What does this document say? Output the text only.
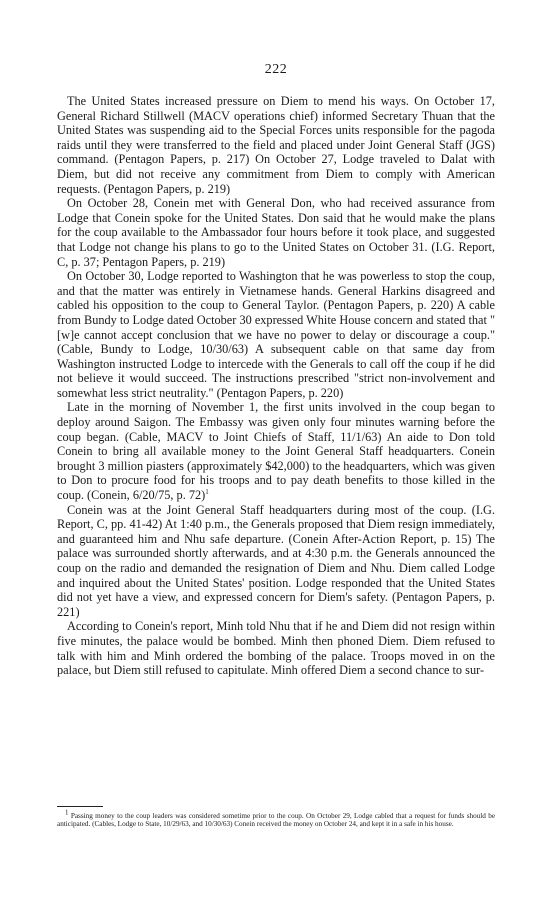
222

The United States increased pressure on Diem to mend his ways. On October 17, General Richard Stillwell (MACV operations chief) informed Secretary Thuan that the United States was suspending aid to the Special Forces units responsible for the pagoda raids until they were transferred to the field and placed under Joint General Staff (JGS) command. (Pentagon Papers, p. 217) On October 27, Lodge traveled to Dalat with Diem, but did not receive any commitment from Diem to comply with American requests. (Pentagon Papers, p. 219)

On October 28, Conein met with General Don, who had received assurance from Lodge that Conein spoke for the United States. Don said that he would make the plans for the coup available to the Ambassador four hours before it took place, and suggested that Lodge not change his plans to go to the United States on October 31. (I.G. Report, C, p. 37; Pentagon Papers, p. 219)

On October 30, Lodge reported to Washington that he was powerless to stop the coup, and that the matter was entirely in Vietnamese hands. General Harkins disagreed and cabled his opposition to the coup to General Taylor. (Pentagon Papers, p. 220) A cable from Bundy to Lodge dated October 30 expressed White House concern and stated that "[w]e cannot accept conclusion that we have no power to delay or discourage a coup." (Cable, Bundy to Lodge, 10/30/63) A subsequent cable on that same day from Washington instructed Lodge to intercede with the Generals to call off the coup if he did not believe it would succeed. The instructions prescribed "strict non-involvement and somewhat less strict neutrality." (Pentagon Papers, p. 220)

Late in the morning of November 1, the first units involved in the coup began to deploy around Saigon. The Embassy was given only four minutes warning before the coup began. (Cable, MACV to Joint Chiefs of Staff, 11/1/63) An aide to Don told Conein to bring all available money to the Joint General Staff headquarters. Conein brought 3 million piasters (approximately $42,000) to the headquarters, which was given to Don to procure food for his troops and to pay death benefits to those killed in the coup. (Conein, 6/20/75, p. 72)$^1$

Conein was at the Joint General Staff headquarters during most of the coup. (I.G. Report, C, pp. 41-42) At 1:40 p.m., the Generals proposed that Diem resign immediately, and guaranteed him and Nhu safe departure. (Conein After-Action Report, p. 15) The palace was surrounded shortly afterwards, and at 4:30 p.m. the Generals announced the coup on the radio and demanded the resignation of Diem and Nhu. Diem called Lodge and inquired about the United States' position. Lodge responded that the United States did not yet have a view, and expressed concern for Diem's safety. (Pentagon Papers, p. 221)

According to Conein's report, Minh told Nhu that if he and Diem did not resign within five minutes, the palace would be bombed. Minh then phoned Diem. Diem refused to talk with him and Minh ordered the bombing of the palace. Troops moved in on the palace, but Diem still refused to capitulate. Minh offered Diem a second chance to sur-

1 Passing money to the coup leaders was considered sometime prior to the coup. On October 29, Lodge cabled that a request for funds should be anticipated. (Cables, Lodge to State, 10/29/63, and 10/30/63) Conein received the money on October 24, and kept it in a safe in his house.
